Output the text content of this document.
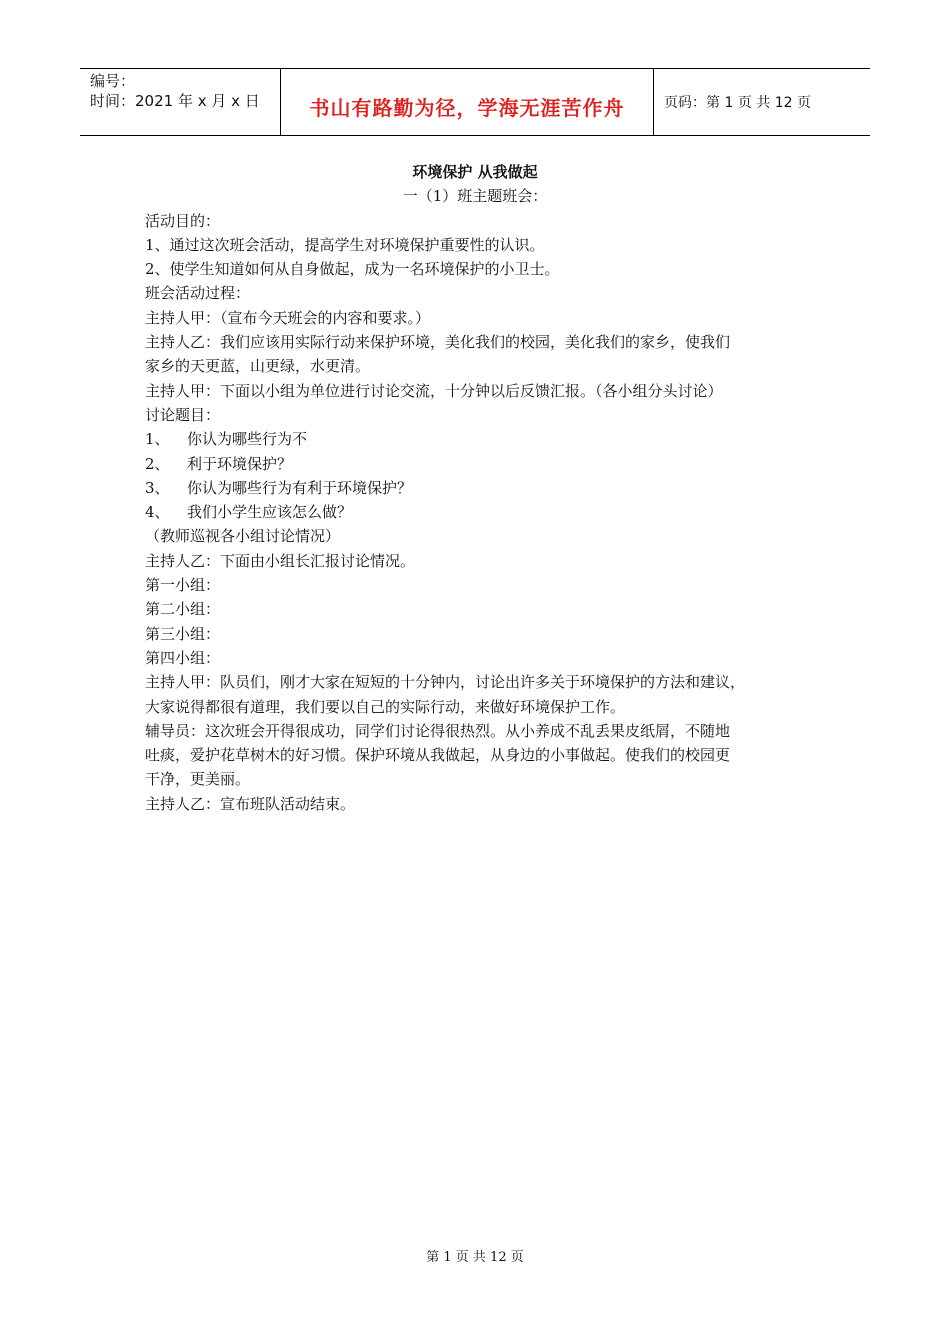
编号：
时间：2021 年 x 月 x 日	书山有路勤为径，学海无涯苦作舟	页码：第 1 页 共 12 页
环境保护 从我做起
一（1）班主题班会：
活动目的：
1、通过这次班会活动，提高学生对环境保护重要性的认识。
2、使学生知道如何从自身做起，成为一名环境保护的小卫士。
班会活动过程：
主持人甲：（宣布今天班会的内容和要求。）
主持人乙：我们应该用实际行动来保护环境，美化我们的校园，美化我们的家乡，使我们
家乡的天更蓝，山更绿，水更清。
主持人甲：下面以小组为单位进行讨论交流，十分钟以后反馈汇报。（各小组分头讨论）
讨论题目：
1、 你认为哪些行为不
2、 利于环境保护？
3、 你认为哪些行为有利于环境保护？
4、 我们小学生应该怎么做？
（教师巡视各小组讨论情况）
主持人乙：下面由小组长汇报讨论情况。
第一小组：
第二小组：
第三小组：
第四小组：
主持人甲：队员们，刚才大家在短短的十分钟内，讨论出许多关于环境保护的方法和建议，
大家说得都很有道理，我们要以自己的实际行动，来做好环境保护工作。
辅导员：这次班会开得很成功，同学们讨论得很热烈。从小养成不乱丢果皮纸屑，不随地
吐痰，爱护花草树木的好习惯。保护环境从我做起，从身边的小事做起。使我们的校园更
干净，更美丽。
主持人乙：宣布班队活动结束。
第 1 页 共 12 页
